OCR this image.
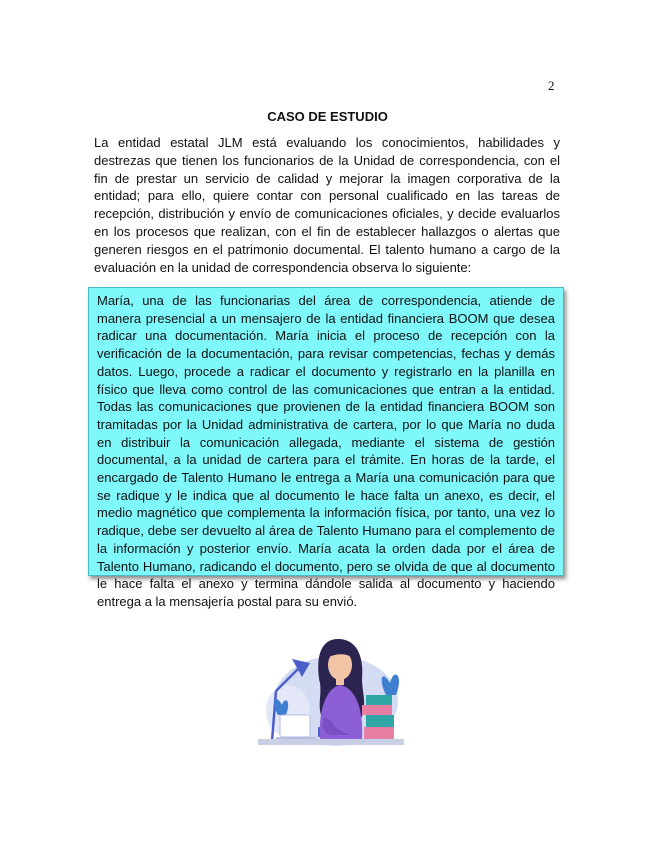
2
CASO DE ESTUDIO

La entidad estatal JLM está evaluando los conocimientos, habilidades y destrezas que tienen los funcionarios de la Unidad de correspondencia, con el fin de prestar un servicio de calidad y mejorar la imagen corporativa de la entidad; para ello, quiere contar con personal cualificado en las tareas de recepción, distribución y envío de comunicaciones oficiales, y decide evaluarlos en los procesos que realizan, con el fin de establecer hallazgos o alertas que generen riesgos en el patrimonio documental. El talento humano a cargo de la evaluación en la unidad de correspondencia observa lo siguiente:

María, una de las funcionarias del área de correspondencia, atiende de manera presencial a un mensajero de la entidad financiera BOOM que desea radicar una documentación. María inicia el proceso de recepción con la verificación de la documentación, para revisar competencias, fechas y demás datos. Luego, procede a radicar el documento y registrarlo en la planilla en físico que lleva como control de las comunicaciones que entran a la entidad. Todas las comunicaciones que provienen de la entidad financiera BOOM son tramitadas por la Unidad administrativa de cartera, por lo que María no duda en distribuir la comunicación allegada, mediante el sistema de gestión documental, a la unidad de cartera para el trámite. En horas de la tarde, el encargado de Talento Humano le entrega a María una comunicación para que se radique y le indica que al documento le hace falta un anexo, es decir, el medio magnético que complementa la información física, por tanto, una vez lo radique, debe ser devuelto al área de Talento Humano para el complemento de la información y posterior envío. María acata la orden dada por el área de Talento Humano, radicando el documento, pero se olvida de que al documento le hace falta el anexo y termina dándole salida al documento y haciendo entrega a la mensajería postal para su envió.
